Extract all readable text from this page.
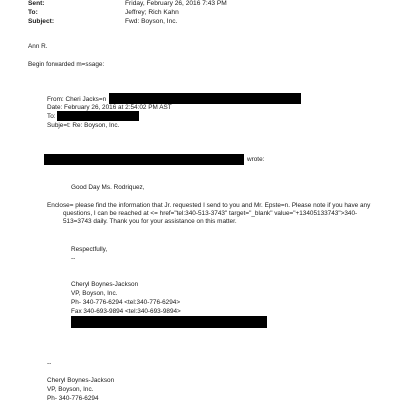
Sent:	Friday, February 26, 2016 7:43 PM
To:	Jeffrey; Rich Kahn
Subject:	Fwd: Boyson, Inc.
Ann R.
Begin forwarded m=ssage:
From: Cheri Jacks=n
Date: February 26, 2016 at 2:54:02 PM AST
To:
Subje=t: Re: Boyson, Inc.
wrote:
Good Day Ms. Rodriquez,
Enclose= please find the information that Jr. requested I send to you and Mr. Epste=n. Please note if you have any questions, I can be reached at <= href="tel:340-513-3743" target="_blank" value="+13405133743">340-513=3743 daily. Thank you for your assistance on this matter.
Respectfully,
--
Cheryl Boynes-Jackson
VP, Boyson, Inc.
Ph- 340-776-6294 <tel:340-776-6294>
Fax 340-693-9894 <tel:340-693-9894>
--
Cheryl Boynes-Jackson
VP, Boyson, Inc.
Ph- 340-776-6294
